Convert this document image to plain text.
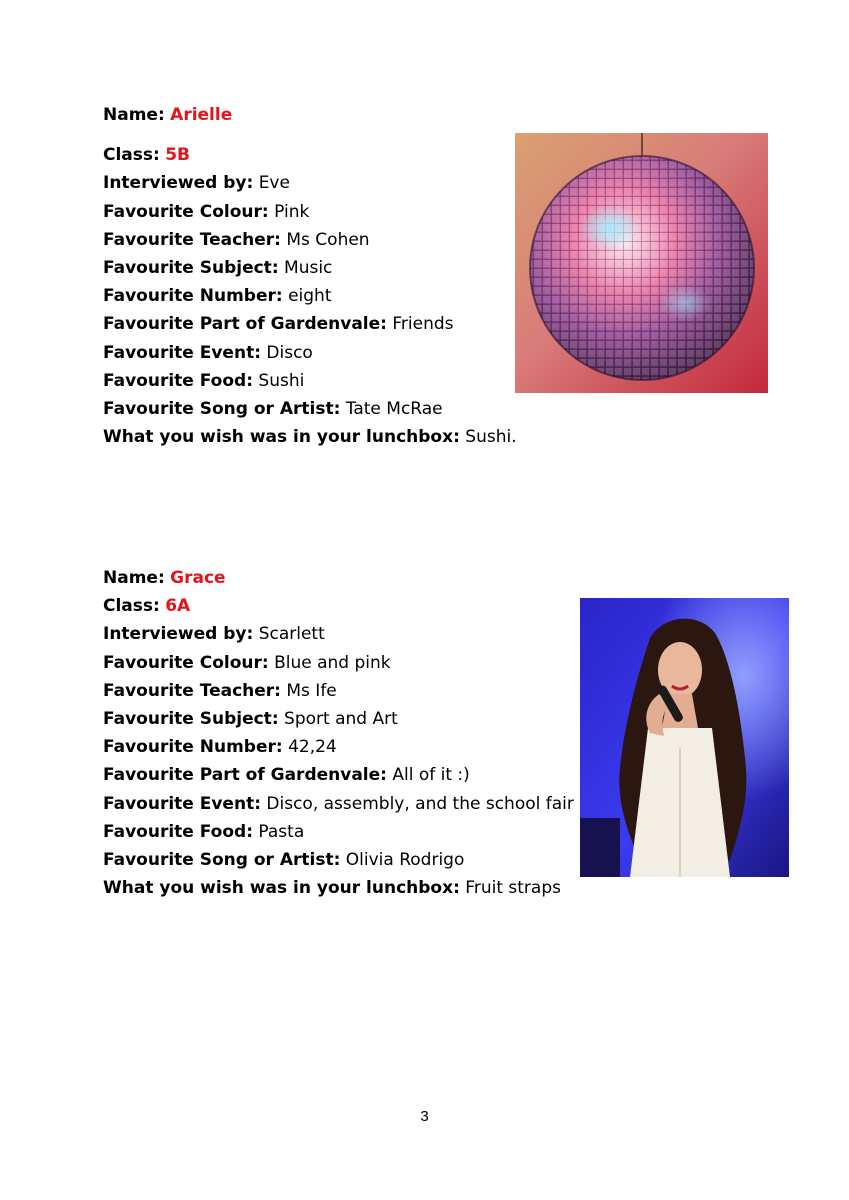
Name: Arielle
Class: 5B
Interviewed by: Eve
Favourite Colour: Pink
Favourite Teacher: Ms Cohen
Favourite Subject: Music
Favourite Number: eight
Favourite Part of Gardenvale: Friends
Favourite Event: Disco
Favourite Food: Sushi
Favourite Song or Artist: Tate McRae
What you wish was in your lunchbox: Sushi.
Name: Grace
Class: 6A
Interviewed by: Scarlett
Favourite Colour: Blue and pink
Favourite Teacher: Ms Ife
Favourite Subject: Sport and Art
Favourite Number: 42,24
Favourite Part of Gardenvale: All of it :)
Favourite Event: Disco, assembly, and the school fair
Favourite Food: Pasta
Favourite Song or Artist: Olivia Rodrigo
What you wish was in your lunchbox: Fruit straps
3
